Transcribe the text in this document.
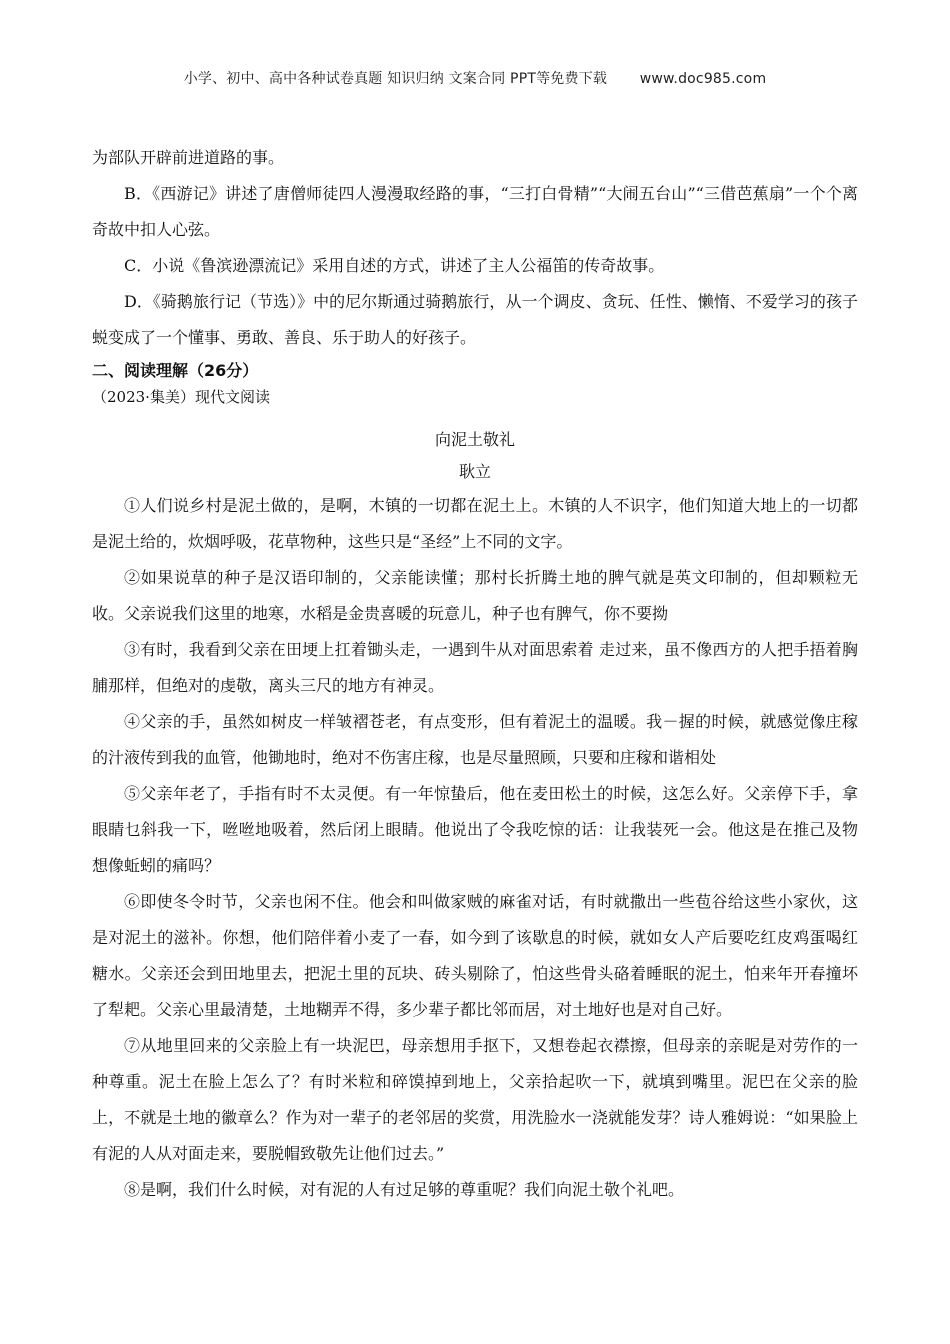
小学、初中、高中各种试卷真题 知识归纳 文案合同 PPT等免费下载 www.doc985.com

为部队开辟前进道路的事。

B．《西游记》讲述了唐僧师徒四人漫漫取经路的事，“三打白骨精”“大闹五台山”“三借芭蕉扇”一个个离奇故中扣人心弦。

C．小说《鲁滨逊漂流记》采用自述的方式，讲述了主人公福笛的传奇故事。

D．《骑鹅旅行记（节选）》中的尼尔斯通过骑鹅旅行，从一个调皮、贪玩、任性、懒惰、不爱学习的孩子蜕变成了一个懂事、勇敢、善良、乐于助人的好孩子。

二、阅读理解（26分）

（2023·集美）现代文阅读

向泥土敬礼

耿立

①人们说乡村是泥土做的，是啊，木镇的一切都在泥土上。木镇的人不识字，他们知道大地上的一切都是泥土给的，炊烟呼吸，花草物种，这些只是“圣经”上不同的文字。

②如果说草的种子是汉语印制的，父亲能读懂；那村长折腾土地的脾气就是英文印制的，但却颗粒无收。父亲说我们这里的地寒，水稻是金贵喜暖的玩意儿，种子也有脾气，你不要拗

③有时，我看到父亲在田埂上扛着锄头走，一遇到牛从对面思索着 走过来，虽不像西方的人把手捂着胸脯那样，但绝对的虔敬，离头三尺的地方有神灵。

④父亲的手，虽然如树皮一样皱褶苍老，有点变形，但有着泥土的温暖。我－握的时候，就感觉像庄稼的汁液传到我的血管，他锄地时，绝对不伤害庄稼，也是尽量照顾，只要和庄稼和谐相处

⑤父亲年老了，手指有时不太灵便。有一年惊蛰后，他在麦田松土的时候，这怎么好。父亲停下手，拿眼睛乜斜我一下，咝咝地吸着，然后闭上眼睛。他说出了令我吃惊的话：让我装死一会。他这是在推己及物想像蚯蚓的痛吗？

⑥即使冬令时节，父亲也闲不住。他会和叫做家贼的麻雀对话，有时就撒出一些苞谷给这些小家伙，这是对泥土的滋补。你想，他们陪伴着小麦了一春，如今到了该歇息的时候，就如女人产后要吃红皮鸡蛋喝红糖水。父亲还会到田地里去，把泥土里的瓦块、砖头剔除了，怕这些骨头硌着睡眠的泥土，怕来年开春撞坏了犁耙。父亲心里最清楚，土地糊弄不得，多少辈子都比邻而居，对土地好也是对自己好。

⑦从地里回来的父亲脸上有一块泥巴，母亲想用手抠下，又想卷起衣襟擦，但母亲的亲昵是对劳作的一种尊重。泥土在脸上怎么了？有时米粒和碎馍掉到地上，父亲拾起吹一下，就填到嘴里。泥巴在父亲的脸上，不就是土地的徽章么？作为对一辈子的老邻居的奖赏，用洗脸水一浇就能发芽？诗人雅姆说：“如果脸上有泥的人从对面走来，要脱帽致敬先让他们过去。”

⑧是啊，我们什么时候，对有泥的人有过足够的尊重呢？我们向泥土敬个礼吧。
